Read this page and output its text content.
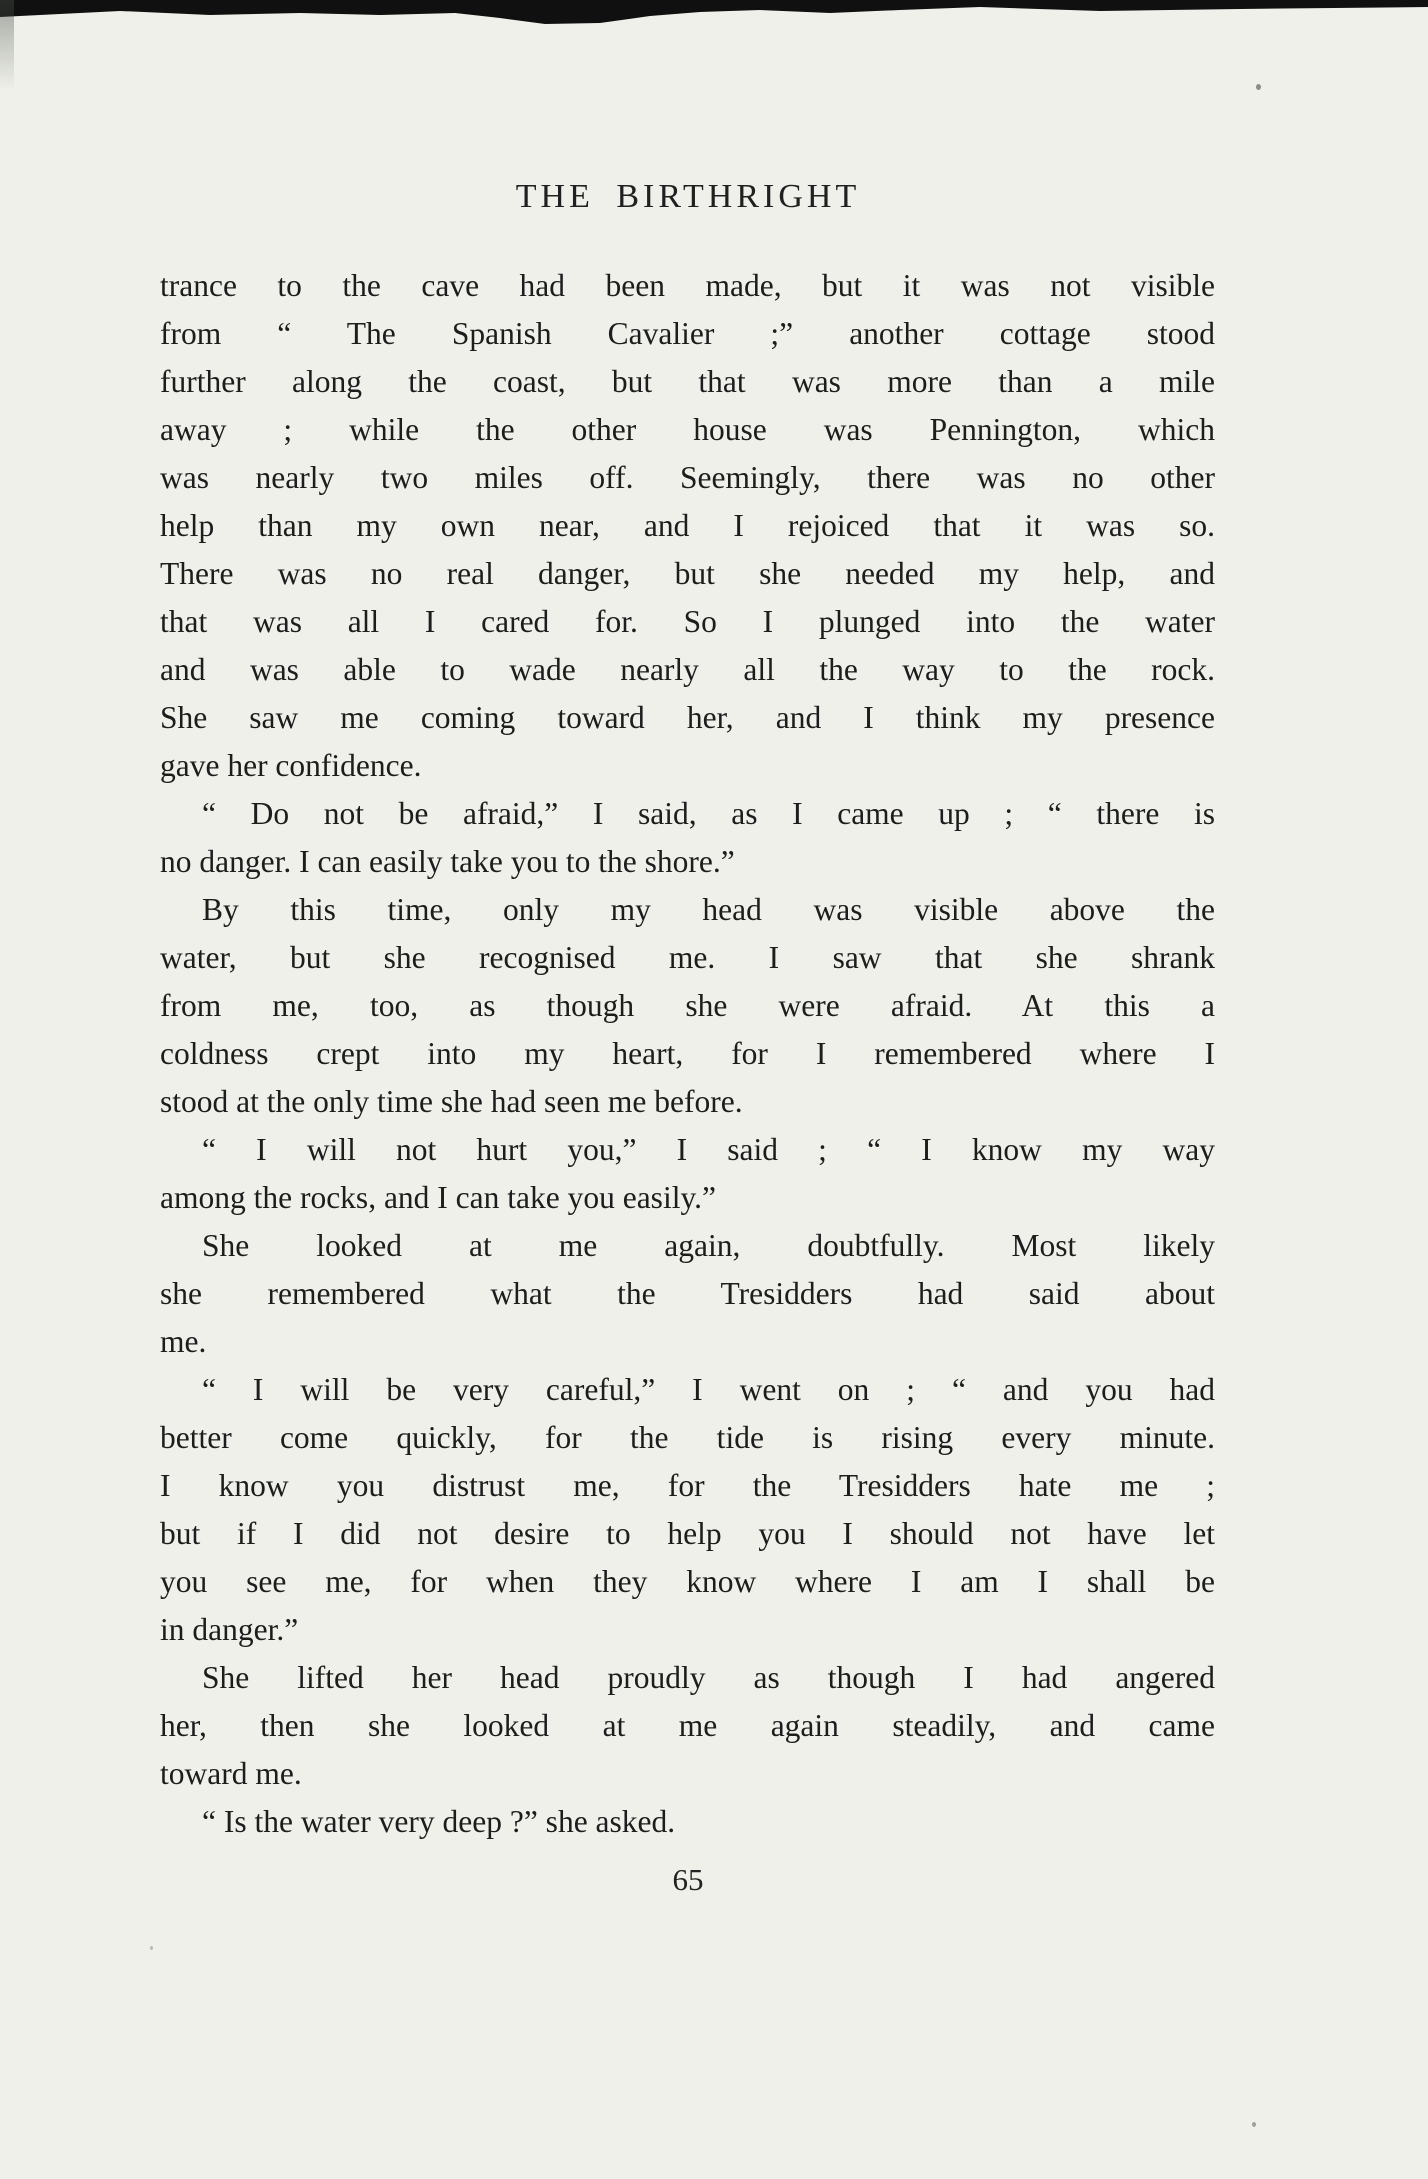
THE BIRTHRIGHT
trance to the cave had been made, but it was not visible
from “ The Spanish Cavalier ;” another cottage stood
further along the coast, but that was more than a mile
away ; while the other house was Pennington, which
was nearly two miles off. Seemingly, there was no other
help than my own near, and I rejoiced that it was so.
There was no real danger, but she needed my help, and
that was all I cared for. So I plunged into the water
and was able to wade nearly all the way to the rock.
She saw me coming toward her, and I think my presence
gave her confidence.
“ Do not be afraid,” I said, as I came up ; “ there is
no danger. I can easily take you to the shore.”
By this time, only my head was visible above the
water, but she recognised me. I saw that she shrank
from me, too, as though she were afraid. At this a
coldness crept into my heart, for I remembered where I
stood at the only time she had seen me before.
“ I will not hurt you,” I said ; “ I know my way
among the rocks, and I can take you easily.”
She looked at me again, doubtfully. Most likely
she remembered what the Tresidders had said about
me.
“ I will be very careful,” I went on ; “ and you had
better come quickly, for the tide is rising every minute.
I know you distrust me, for the Tresidders hate me ;
but if I did not desire to help you I should not have let
you see me, for when they know where I am I shall be
in danger.”
She lifted her head proudly as though I had angered
her, then she looked at me again steadily, and came
toward me.
“ Is the water very deep ?” she asked.
65
